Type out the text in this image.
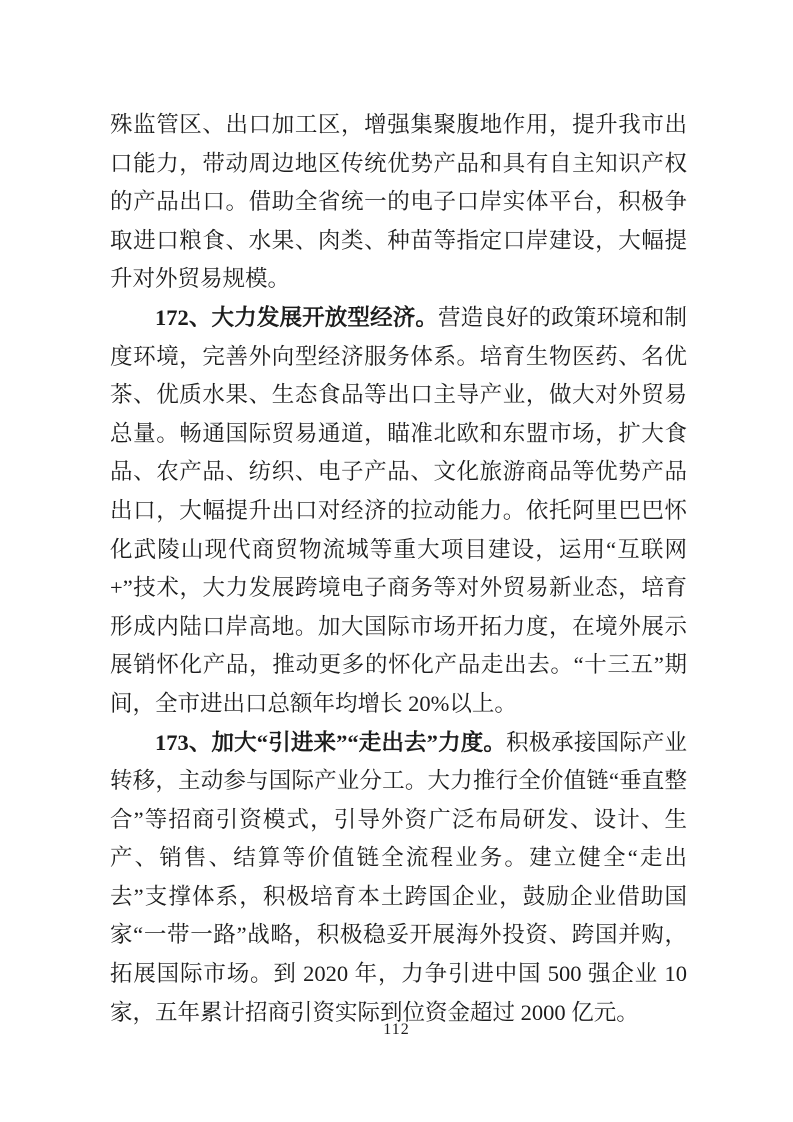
殊监管区、出口加工区，增强集聚腹地作用，提升我市出口能力，带动周边地区传统优势产品和具有自主知识产权的产品出口。借助全省统一的电子口岸实体平台，积极争取进口粮食、水果、肉类、种苗等指定口岸建设，大幅提升对外贸易规模。

172、大力发展开放型经济。营造良好的政策环境和制度环境，完善外向型经济服务体系。培育生物医药、名优茶、优质水果、生态食品等出口主导产业，做大对外贸易总量。畅通国际贸易通道，瞄准北欧和东盟市场，扩大食品、农产品、纺织、电子产品、文化旅游商品等优势产品出口，大幅提升出口对经济的拉动能力。依托阿里巴巴怀化武陵山现代商贸物流城等重大项目建设，运用“互联网+”技术，大力发展跨境电子商务等对外贸易新业态，培育形成内陆口岸高地。加大国际市场开拓力度，在境外展示展销怀化产品，推动更多的怀化产品走出去。“十三五”期间，全市进出口总额年均增长 20%以上。

173、加大“引进来”“走出去”力度。积极承接国际产业转移，主动参与国际产业分工。大力推行全价值链“垂直整合”等招商引资模式，引导外资广泛布局研发、设计、生产、销售、结算等价值链全流程业务。建立健全“走出去”支撑体系，积极培育本土跨国企业，鼓励企业借助国家“一带一路”战略，积极稳妥开展海外投资、跨国并购，拓展国际市场。到 2020 年，力争引进中国 500 强企业 10 家，五年累计招商引资实际到位资金超过 2000 亿元。

112
